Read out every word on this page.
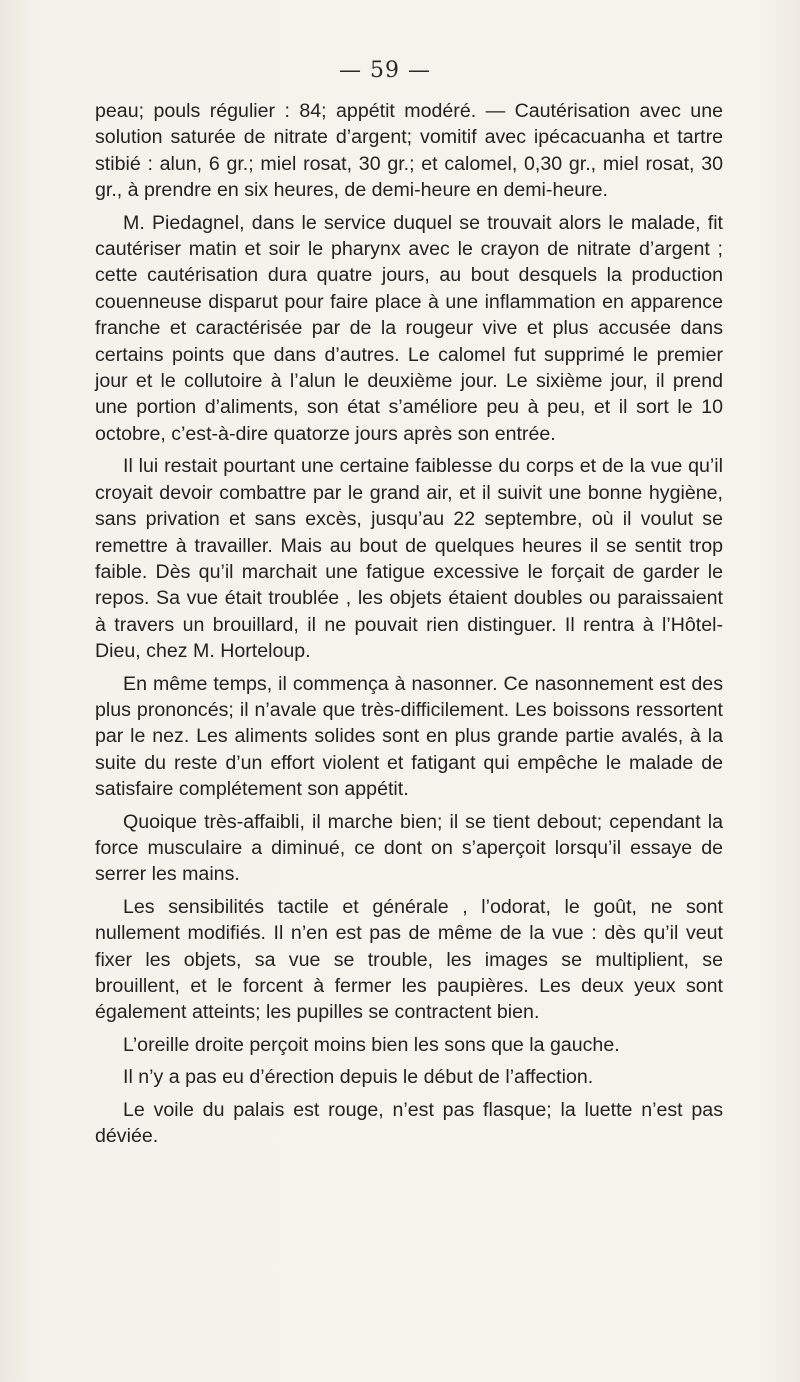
— 59 —

peau; pouls régulier : 84; appétit modéré. — Cautérisation avec une solution saturée de nitrate d’argent; vomitif avec ipécacuanha et tartre stibié : alun, 6 gr.; miel rosat, 30 gr.; et calomel, 0,30 gr., miel rosat, 30 gr., à prendre en six heures, de demi-heure en demi-heure.

M. Piedagnel, dans le service duquel se trouvait alors le malade, fit cautériser matin et soir le pharynx avec le crayon de nitrate d’argent ; cette cautérisation dura quatre jours, au bout desquels la production couenneuse disparut pour faire place à une inflammation en apparence franche et caractérisée par de la rougeur vive et plus accusée dans certains points que dans d’autres. Le calomel fut supprimé le premier jour et le collutoire à l’alun le deuxième jour. Le sixième jour, il prend une portion d’aliments, son état s’améliore peu à peu, et il sort le 10 octobre, c’est-à-dire quatorze jours après son entrée.

Il lui restait pourtant une certaine faiblesse du corps et de la vue qu’il croyait devoir combattre par le grand air, et il suivit une bonne hygiène, sans privation et sans excès, jusqu’au 22 septembre, où il voulut se remettre à travailler. Mais au bout de quelques heures il se sentit trop faible. Dès qu’il marchait une fatigue excessive le forçait de garder le repos. Sa vue était troublée , les objets étaient doubles ou paraissaient à travers un brouillard, il ne pouvait rien distinguer. Il rentra à l’Hôtel-Dieu, chez M. Horteloup.

En même temps, il commença à nasonner. Ce nasonnement est des plus prononcés; il n’avale que très-difficilement. Les boissons ressortent par le nez. Les aliments solides sont en plus grande partie avalés, à la suite du reste d’un effort violent et fatigant qui empêche le malade de satisfaire complétement son appétit.

Quoique très-affaibli, il marche bien; il se tient debout; cependant la force musculaire a diminué, ce dont on s’aperçoit lorsqu’il essaye de serrer les mains.

Les sensibilités tactile et générale , l’odorat, le goût, ne sont nullement modifiés. Il n’en est pas de même de la vue : dès qu’il veut fixer les objets, sa vue se trouble, les images se multiplient, se brouillent, et le forcent à fermer les paupières. Les deux yeux sont également atteints; les pupilles se contractent bien.

L’oreille droite perçoit moins bien les sons que la gauche.

Il n’y a pas eu d’érection depuis le début de l’affection.

Le voile du palais est rouge, n’est pas flasque; la luette n’est pas déviée.
